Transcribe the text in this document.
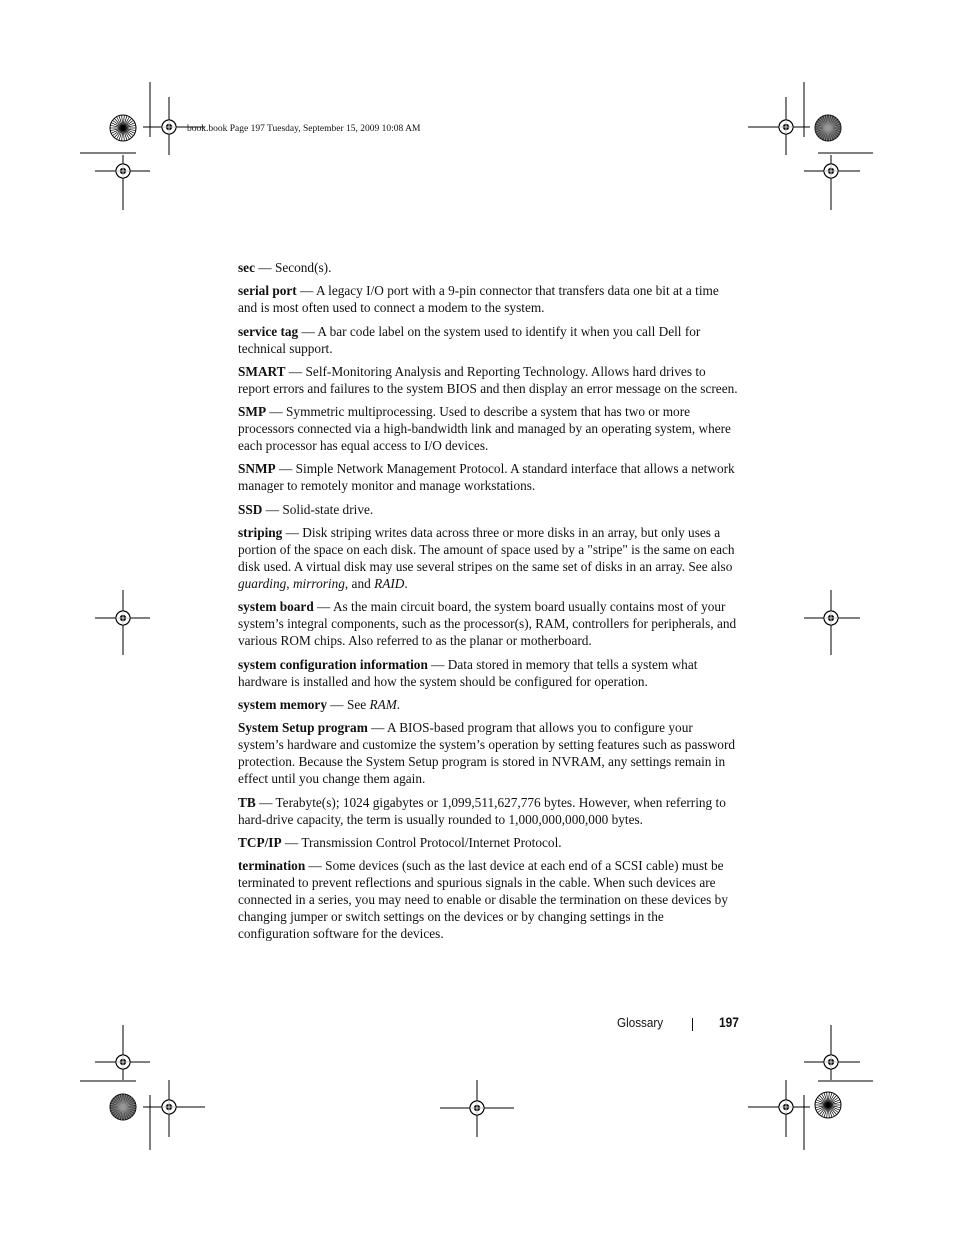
book.book Page 197 Tuesday, September 15, 2009 10:08 AM

sec — Second(s).

serial port — A legacy I/O port with a 9-pin connector that transfers data one bit at a time and is most often used to connect a modem to the system.

service tag — A bar code label on the system used to identify it when you call Dell for technical support.

SMART — Self-Monitoring Analysis and Reporting Technology. Allows hard drives to report errors and failures to the system BIOS and then display an error message on the screen.

SMP — Symmetric multiprocessing. Used to describe a system that has two or more processors connected via a high-bandwidth link and managed by an operating system, where each processor has equal access to I/O devices.

SNMP — Simple Network Management Protocol. A standard interface that allows a network manager to remotely monitor and manage workstations.

SSD — Solid-state drive.

striping — Disk striping writes data across three or more disks in an array, but only uses a portion of the space on each disk. The amount of space used by a "stripe" is the same on each disk used. A virtual disk may use several stripes on the same set of disks in an array. See also guarding, mirroring, and RAID.

system board — As the main circuit board, the system board usually contains most of your system’s integral components, such as the processor(s), RAM, controllers for peripherals, and various ROM chips. Also referred to as the planar or motherboard.

system configuration information — Data stored in memory that tells a system what hardware is installed and how the system should be configured for operation.

system memory — See RAM.

System Setup program — A BIOS-based program that allows you to configure your system’s hardware and customize the system’s operation by setting features such as password protection. Because the System Setup program is stored in NVRAM, any settings remain in effect until you change them again.

TB — Terabyte(s); 1024 gigabytes or 1,099,511,627,776 bytes. However, when referring to hard-drive capacity, the term is usually rounded to 1,000,000,000,000 bytes.

TCP/IP — Transmission Control Protocol/Internet Protocol.

termination — Some devices (such as the last device at each end of a SCSI cable) must be terminated to prevent reflections and spurious signals in the cable. When such devices are connected in a series, you may need to enable or disable the termination on these devices by changing jumper or switch settings on the devices or by changing settings in the configuration software for the devices.

Glossary	197
